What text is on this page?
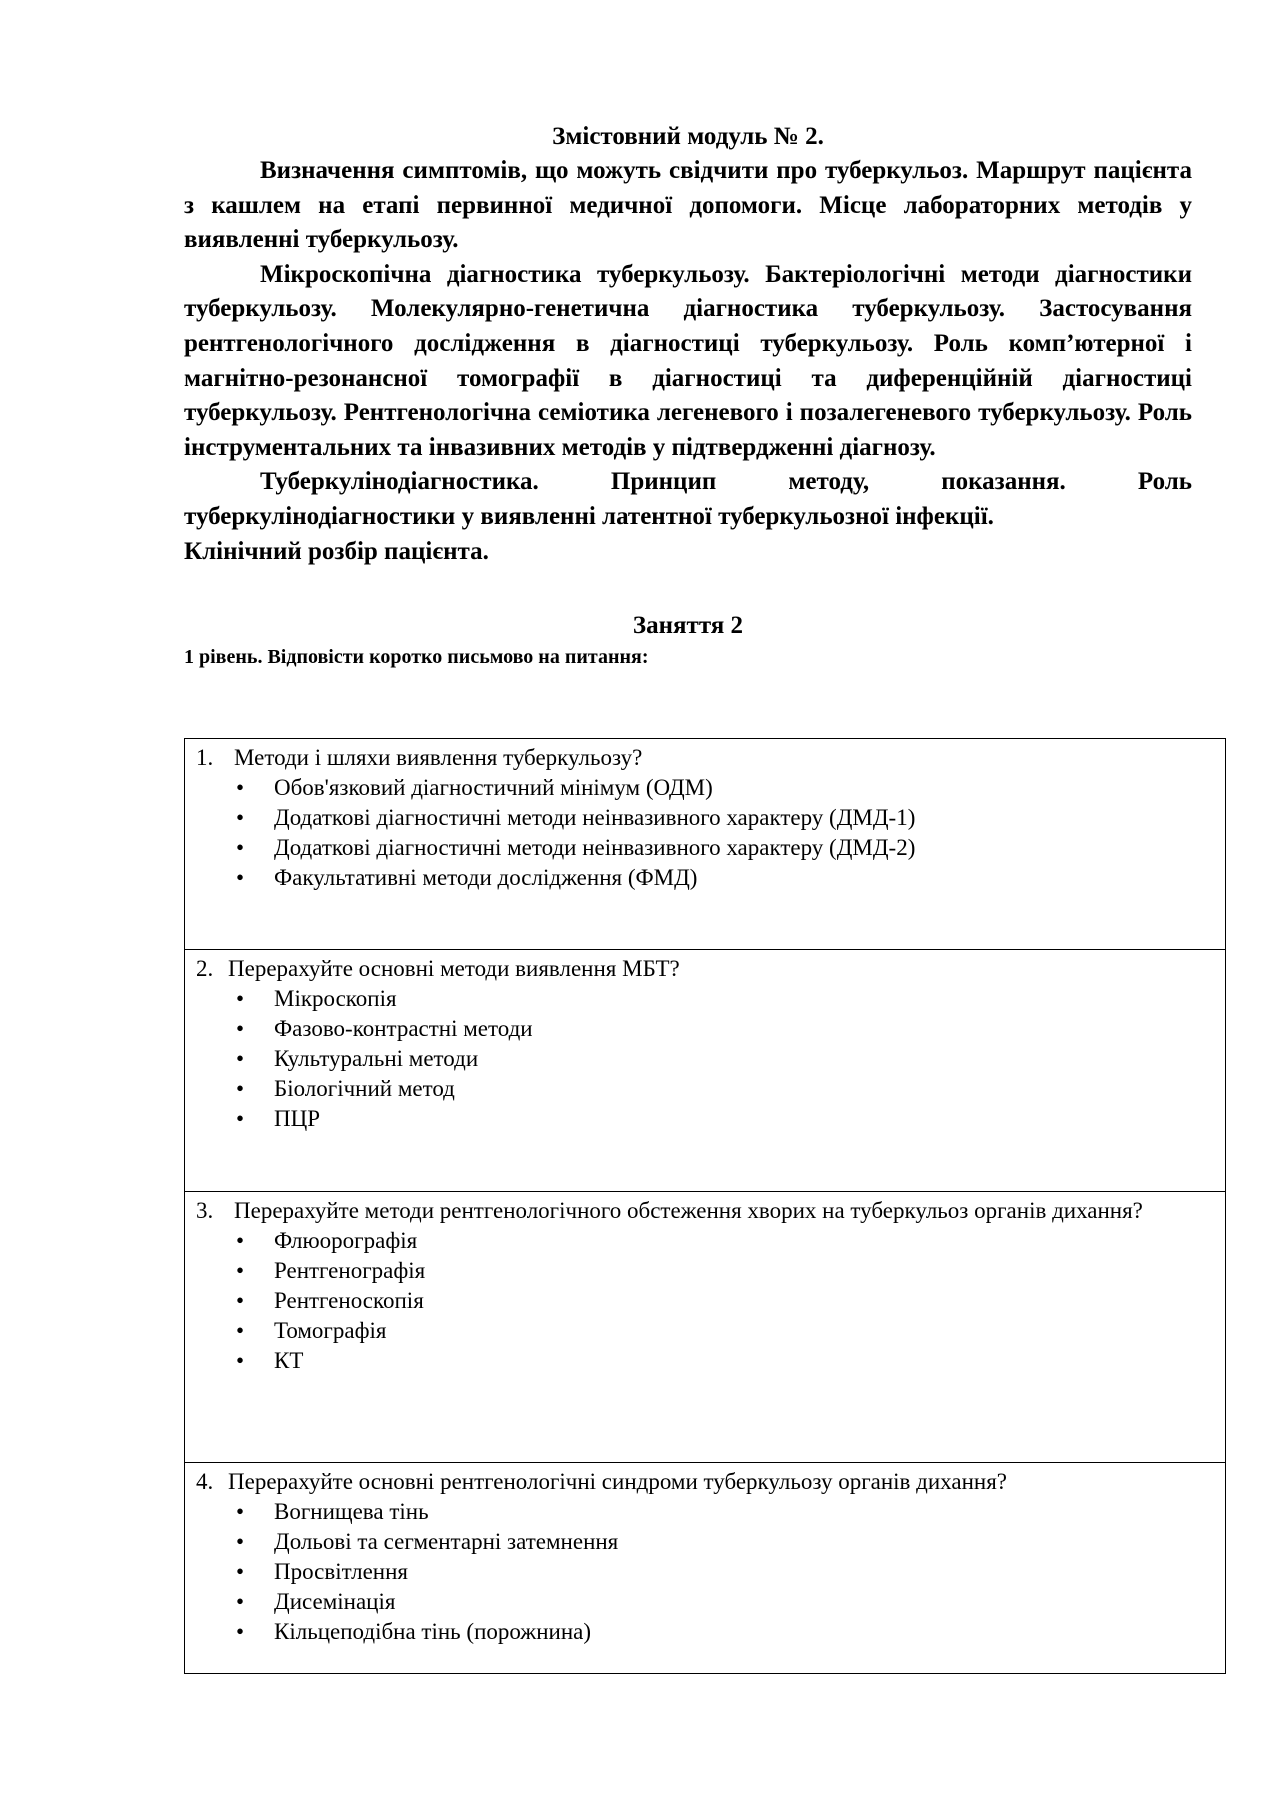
Змістовний модуль № 2.

Визначення симптомів, що можуть свідчити про туберкульоз. Маршрут пацієнта з кашлем на етапі первинної медичної допомоги. Місце лабораторних методів у виявленні туберкульозу.

Мікроскопічна діагностика туберкульозу. Бактеріологічні методи діагностики туберкульозу. Молекулярно-генетична діагностика туберкульозу. Застосування рентгенологічного дослідження в діагностиці туберкульозу. Роль комп’ютерної і магнітно-резонансної томографії в діагностиці та диференційній діагностиці туберкульозу. Рентгенологічна семіотика легеневого і позалегеневого туберкульозу. Роль інструментальних та інвазивних методів у підтвердженні діагнозу.

Туберкулінодіагностика. Принцип методу, показання. Роль туберкулінодіагностики у виявленні латентної туберкульозної інфекції.

Клінічний розбір пацієнта.

Заняття 2

1 рівень. Відповісти коротко письмово на питання:

1. Методи і шляхи виявлення туберкульозу?

• Обов'язковий діагностичний мінімум (ОДМ)
• Додаткові діагностичні методи неінвазивного характеру (ДМД-1)
• Додаткові діагностичні методи неінвазивного характеру (ДМД-2)
• Факультативні методи дослідження (ФМД)

2. Перерахуйте основні методи виявлення МБТ?

• Мікроскопія
• Фазово-контрастні методи
• Культуральні методи
• Біологічний метод
• ПЦР

3. Перерахуйте методи рентгенологічного обстеження хворих на туберкульоз органів дихання?

• Флюорографія
• Рентгенографія
• Рентгеноскопія
• Томографія
• КТ

4. Перерахуйте основні рентгенологічні синдроми туберкульозу органів дихання?

• Вогнищева тінь
• Дольові та сегментарні затемнення
• Просвітлення
• Дисемінація
• Кільцеподібна тінь (порожнина)
